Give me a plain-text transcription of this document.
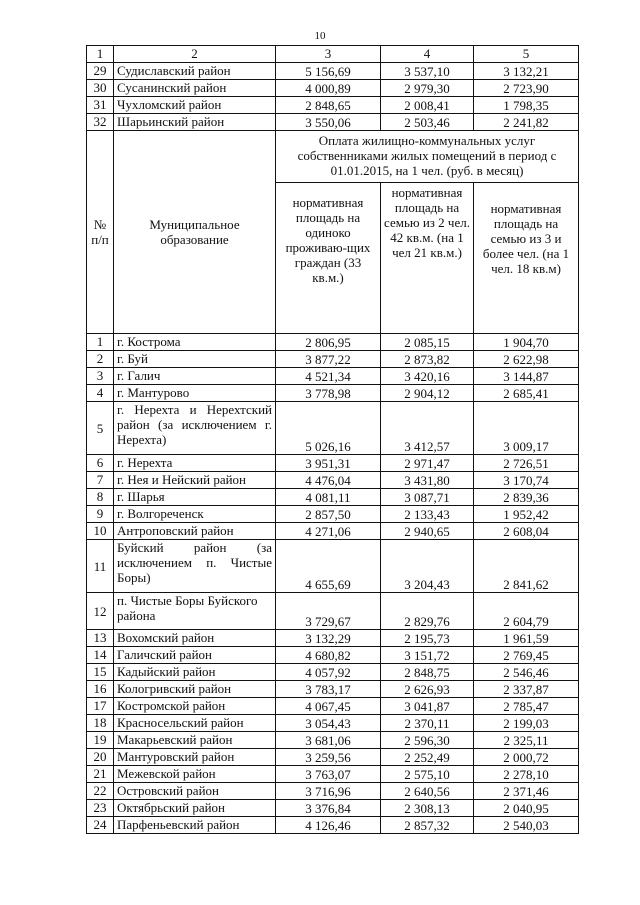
10
1	2	3	4	5
29	Судиславский район	5 156,69	3 537,10	3 132,21
30	Сусанинский район	4 000,89	2 979,30	2 723,90
31	Чухломский район	2 848,65	2 008,41	1 798,35
32	Шарьинский район	3 550,06	2 503,46	2 241,82
№ п/п	Муниципальное образование	Оплата жилищно-коммунальных услуг собственниками жилых помещений в период с 01.01.2015, на 1 чел. (руб. в месяц)		
		нормативная площадь на одиноко проживаю-щих граждан (33 кв.м.)	нормативная площадь на семью из 2 чел. 42 кв.м. (на 1 чел 21 кв.м.)	нормативная площадь на семью из 3 и более чел. (на 1 чел. 18 кв.м)
1	г. Кострома	2 806,95	2 085,15	1 904,70
2	г. Буй	3 877,22	2 873,82	2 622,98
3	г. Галич	4 521,34	3 420,16	3 144,87
4	г. Мантурово	3 778,98	2 904,12	2 685,41
5	г. Нерехта и Нерехтский район (за исключением г. Нерехта)	5 026,16	3 412,57	3 009,17
6	г. Нерехта	3 951,31	2 971,47	2 726,51
7	г. Нея и Нейский район	4 476,04	3 431,80	3 170,74
8	г. Шарья	4 081,11	3 087,71	2 839,36
9	г. Волгореченск	2 857,50	2 133,43	1 952,42
10	Антроповский район	4 271,06	2 940,65	2 608,04
11	Буйский район (за исключением п. Чистые Боры)	4 655,69	3 204,43	2 841,62
12	п. Чистые Боры Буйского района	3 729,67	2 829,76	2 604,79
13	Вохомский район	3 132,29	2 195,73	1 961,59
14	Галичский район	4 680,82	3 151,72	2 769,45
15	Кадыйский район	4 057,92	2 848,75	2 546,46
16	Кологривский район	3 783,17	2 626,93	2 337,87
17	Костромской район	4 067,45	3 041,87	2 785,47
18	Красносельский район	3 054,43	2 370,11	2 199,03
19	Макарьевский район	3 681,06	2 596,30	2 325,11
20	Мантуровский район	3 259,56	2 252,49	2 000,72
21	Межевской район	3 763,07	2 575,10	2 278,10
22	Островский район	3 716,96	2 640,56	2 371,46
23	Октябрьский район	3 376,84	2 308,13	2 040,95
24	Парфеньевский район	4 126,46	2 857,32	2 540,03
